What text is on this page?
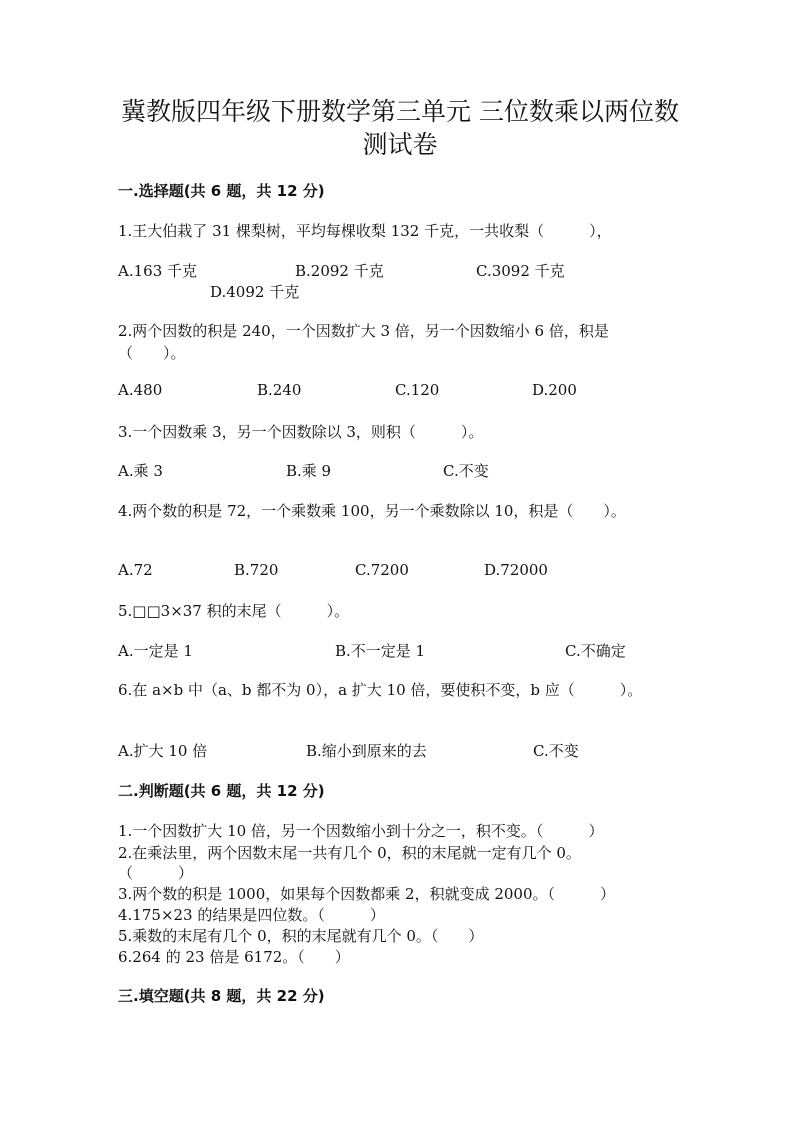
冀教版四年级下册数学第三单元 三位数乘以两位数
测试卷
一.选择题(共 6 题，共 12 分)
1.王大伯栽了 31 棵梨树，平均每棵收梨 132 千克，一共收梨（　　　），
A.163 千克	B.2092 千克	C.3092 千克
D.4092 千克
2.两个因数的积是 240，一个因数扩大 3 倍，另一个因数缩小 6 倍，积是
（　　）。
A.480	B.240	C.120	D.200
3.一个因数乘 3，另一个因数除以 3，则积（　　　）。
A.乘 3	B.乘 9	C.不变
4.两个数的积是 72，一个乘数乘 100，另一个乘数除以 10，积是（　　）。
A.72	B.720	C.7200	D.72000
5.□□3×37 积的末尾（　　　）。
A.一定是 1	B.不一定是 1	C.不确定
6.在 a×b 中（a、b 都不为 0），a 扩大 10 倍，要使积不变，b 应（　　　）。
A.扩大 10 倍	B.缩小到原来的去	C.不变
二.判断题(共 6 题，共 12 分)
1.一个因数扩大 10 倍，另一个因数缩小到十分之一，积不变。（　　　）
2.在乘法里，两个因数末尾一共有几个 0，积的末尾就一定有几个 0。
（　　　）
3.两个数的积是 1000，如果每个因数都乘 2，积就变成 2000。（　　　）
4.175×23 的结果是四位数。（　　　）
5.乘数的末尾有几个 0，积的末尾就有几个 0。（　　）
6.264 的 23 倍是 6172。（　　）
三.填空题(共 8 题，共 22 分)
